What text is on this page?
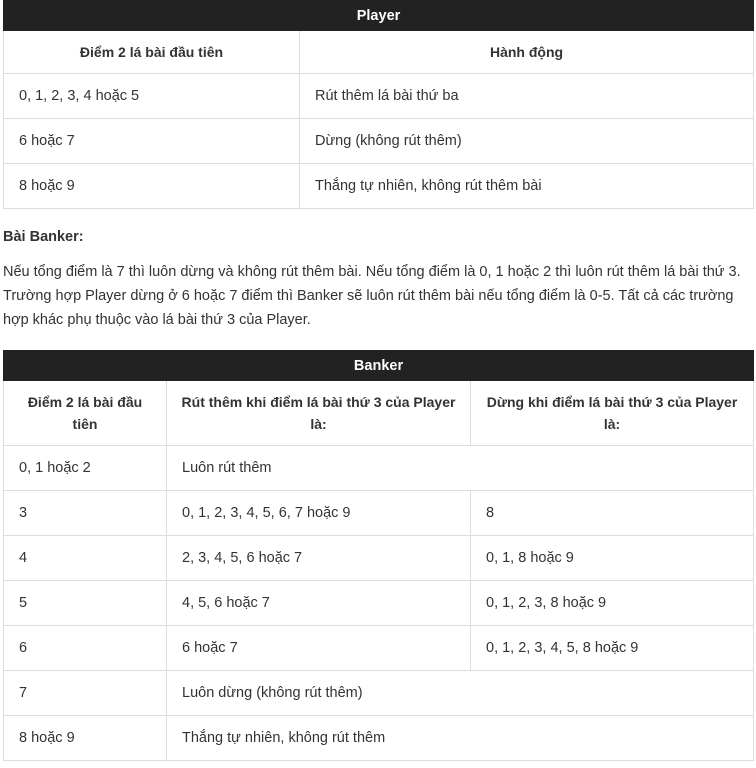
Player	
Điểm 2 lá bài đầu tiên	Hành động
0, 1, 2, 3, 4 hoặc 5	Rút thêm lá bài thứ ba
6 hoặc 7	Dừng (không rút thêm)
8 hoặc 9	Thắng tự nhiên, không rút thêm bài
Bài Banker:

Nếu tổng điểm là 7 thì luôn dừng và không rút thêm bài. Nếu tổng điểm là 0, 1 hoặc 2 thì luôn rút thêm lá bài thứ 3. Trường hợp Player dừng ở 6 hoặc 7 điểm thì Banker sẽ luôn rút thêm bài nếu tổng điểm là 0-5. Tất cả các trường hợp khác phụ thuộc vào lá bài thứ 3 của Player.

Banker		
Điểm 2 lá bài đầu tiên	Rút thêm khi điểm lá bài thứ 3 của Player là:	Dừng khi điểm lá bài thứ 3 của Player là:
0, 1 hoặc 2	Luôn rút thêm	
3	0, 1, 2, 3, 4, 5, 6, 7 hoặc 9	8
4	2, 3, 4, 5, 6 hoặc 7	0, 1, 8 hoặc 9
5	4, 5, 6 hoặc 7	0, 1, 2, 3, 8 hoặc 9
6	6 hoặc 7	0, 1, 2, 3, 4, 5, 8 hoặc 9
7	Luôn dừng (không rút thêm)	
8 hoặc 9	Thắng tự nhiên, không rút thêm	
